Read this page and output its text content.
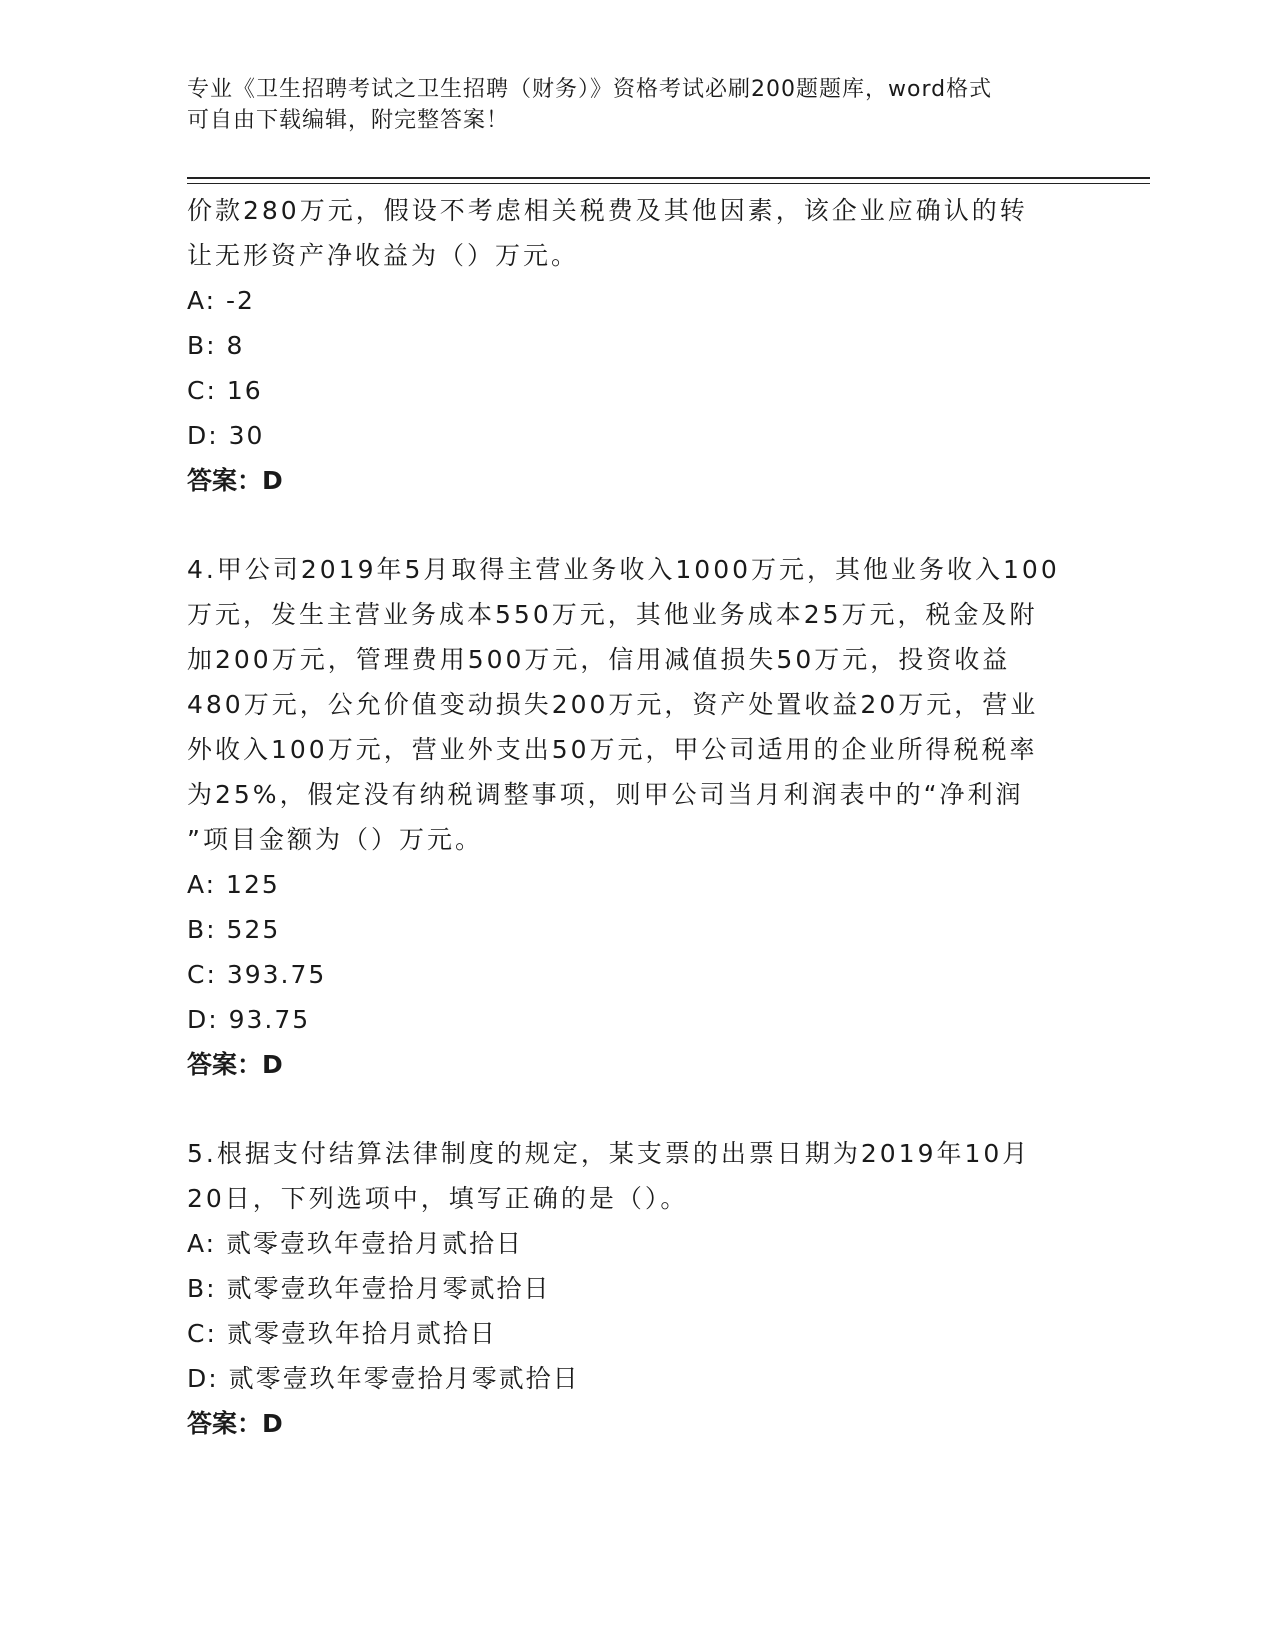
专业《卫生招聘考试之卫生招聘（财务）》资格考试必刷200题题库，word格式
可自由下载编辑，附完整答案！

价款280万元，假设不考虑相关税费及其他因素，该企业应确认的转

让无形资产净收益为（）万元。

A: -2

B: 8

C: 16

D: 30

答案：D

4.甲公司2019年5月取得主营业务收入1000万元，其他业务收入100

万元，发生主营业务成本550万元，其他业务成本25万元，税金及附

加200万元，管理费用500万元，信用减值损失50万元，投资收益

480万元，公允价值变动损失200万元，资产处置收益20万元，营业

外收入100万元，营业外支出50万元，甲公司适用的企业所得税税率

为25%，假定没有纳税调整事项，则甲公司当月利润表中的“净利润

”项目金额为（）万元。

A: 125

B: 525

C: 393.75

D: 93.75

答案：D

5.根据支付结算法律制度的规定，某支票的出票日期为2019年10月

20日，下列选项中，填写正确的是（）。

A: 贰零壹玖年壹拾月贰拾日

B: 贰零壹玖年壹拾月零贰拾日

C: 贰零壹玖年拾月贰拾日

D: 贰零壹玖年零壹拾月零贰拾日

答案：D
